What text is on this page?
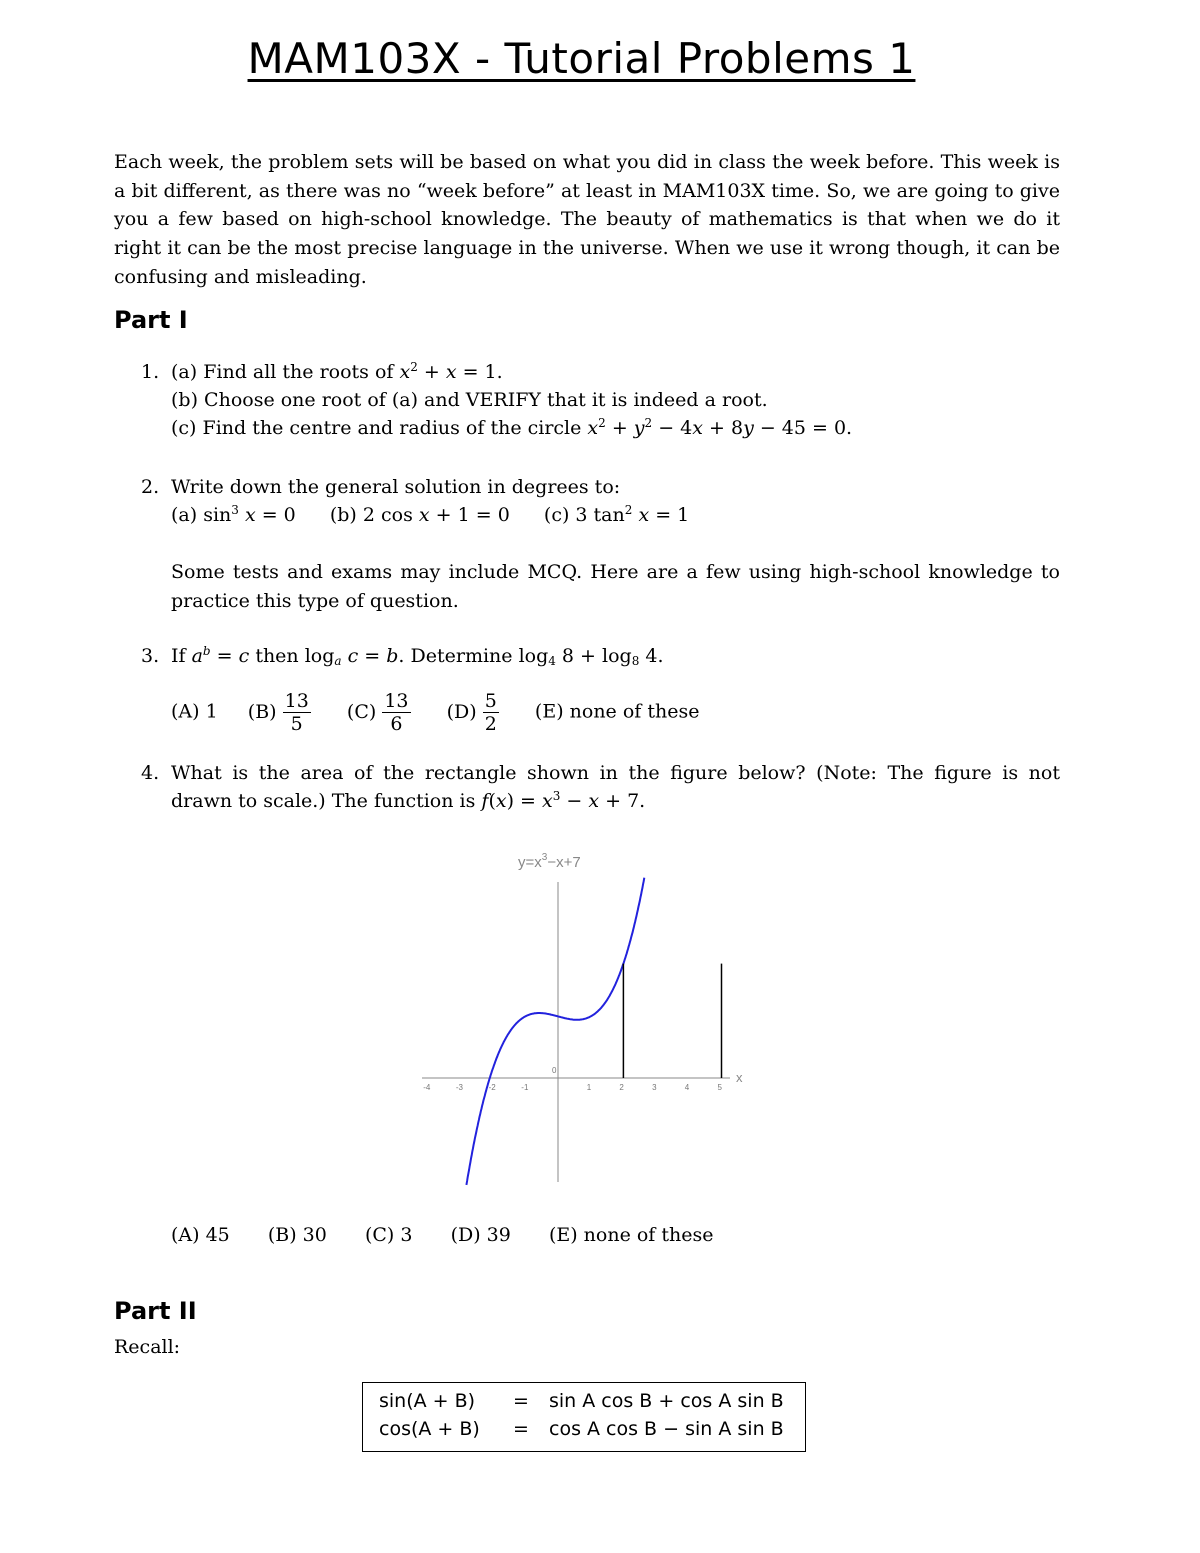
MAM103X - Tutorial Problems 1
Each week, the problem sets will be based on what you did in class the week before. This week is a bit different, as there was no “week before” at least in MAM103X time. So, we are going to give you a few based on high-school knowledge. The beauty of mathematics is that when we do it right it can be the most precise language in the universe. When we use it wrong though, it can be confusing and misleading.
Part I
1. (a) Find all the roots of $x^2 + x = 1$.
(b) Choose one root of (a) and VERIFY that it is indeed a root.
(c) Find the centre and radius of the circle $x^2 + y^2 - 4x + 8y - 45 = 0$.
2. Write down the general solution in degrees to:
(a) $\sin^3 x = 0$ (b) 2 cos x + 1 = 0 (c) 3 $\tan^2 x = 1$
Some tests and exams may include MCQ. Here are a few using high-school knowledge to practice this type of question.
3. If $a^b = c$ then $\log_a c = b$. Determine $\log_4 8 + \log_8 4$.
(A) 1 $(B) \frac{13}{5} (C) \frac{13}{6} (D) \frac{5}{2} (E)$ none of these
4. What is the area of the rectangle shown in the figure below? (Note: The figure is not
drawn to scale.) The function is $f(x) = x^3 - x + 7$.
$y=x^3-x+7$
x
-4	-3	-2	-1
0
1	2	3	4	5
(A) 45 (B) 30 (C) 3 (D) 39 (E) none of these
Part II
Recall:
sin(A + B) = sin A cos B + cos A sin B
cos(A + B) = cos A cos B − sin A sin B
